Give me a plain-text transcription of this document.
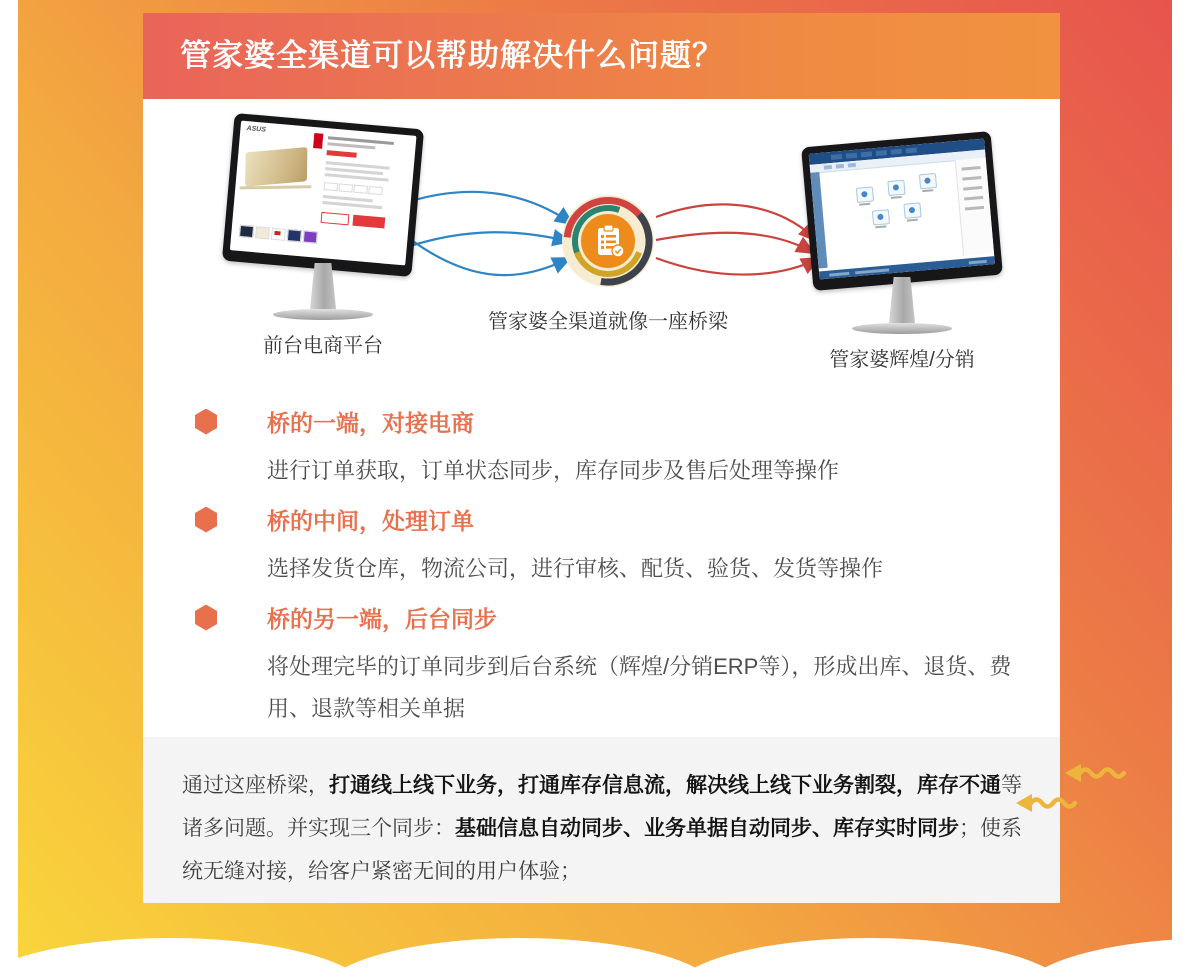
管家婆全渠道可以帮助解决什么问题？
ASUS
前台电商平台
管家婆全渠道就像一座桥梁
管家婆辉煌/分销
桥的一端，对接电商

进行订单获取，订单状态同步，库存同步及售后处理等操作

桥的中间，处理订单

选择发货仓库，物流公司，进行审核、配货、验货、发货等操作

桥的另一端，后台同步

将处理完毕的订单同步到后台系统（辉煌/分销ERP等），形成出库、退货、费用、退款等相关单据

通过这座桥梁，打通线上线下业务，打通库存信息流，解决线上线下业务割裂，库存不通等诸多问题。并实现三个同步：基础信息自动同步、业务单据自动同步、库存实时同步；使系统无缝对接，给客户紧密无间的用户体验；
